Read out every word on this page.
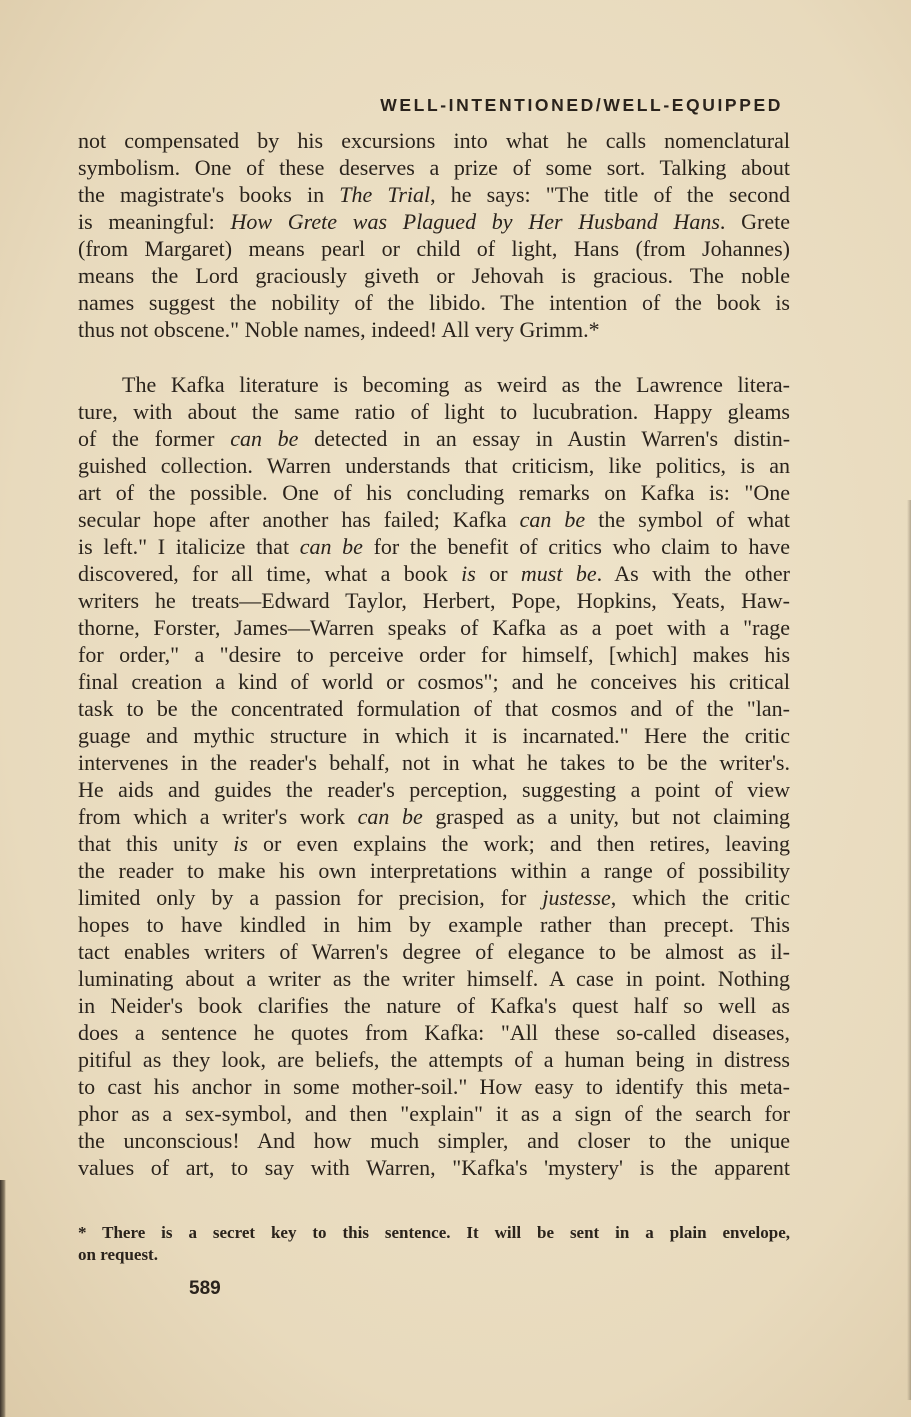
WELL-INTENTIONED/WELL-EQUIPPED
not compensated by his excursions into what he calls nomenclatural
symbolism. One of these deserves a prize of some sort. Talking about
the magistrate's books in The Trial, he says: "The title of the second
is meaningful: How Grete was Plagued by Her Husband Hans. Grete
(from Margaret) means pearl or child of light, Hans (from Johannes)
means the Lord graciously giveth or Jehovah is gracious. The noble
names suggest the nobility of the libido. The intention of the book is
thus not obscene." Noble names, indeed! All very Grimm.*
The Kafka literature is becoming as weird as the Lawrence litera-
ture, with about the same ratio of light to lucubration. Happy gleams
of the former can be detected in an essay in Austin Warren's distin-
guished collection. Warren understands that criticism, like politics, is an
art of the possible. One of his concluding remarks on Kafka is: "One
secular hope after another has failed; Kafka can be the symbol of what
is left." I italicize that can be for the benefit of critics who claim to have
discovered, for all time, what a book is or must be. As with the other
writers he treats—Edward Taylor, Herbert, Pope, Hopkins, Yeats, Haw-
thorne, Forster, James—Warren speaks of Kafka as a poet with a "rage
for order," a "desire to perceive order for himself, [which] makes his
final creation a kind of world or cosmos"; and he conceives his critical
task to be the concentrated formulation of that cosmos and of the "lan-
guage and mythic structure in which it is incarnated." Here the critic
intervenes in the reader's behalf, not in what he takes to be the writer's.
He aids and guides the reader's perception, suggesting a point of view
from which a writer's work can be grasped as a unity, but not claiming
that this unity is or even explains the work; and then retires, leaving
the reader to make his own interpretations within a range of possibility
limited only by a passion for precision, for justesse, which the critic
hopes to have kindled in him by example rather than precept. This
tact enables writers of Warren's degree of elegance to be almost as il-
luminating about a writer as the writer himself. A case in point. Nothing
in Neider's book clarifies the nature of Kafka's quest half so well as
does a sentence he quotes from Kafka: "All these so-called diseases,
pitiful as they look, are beliefs, the attempts of a human being in distress
to cast his anchor in some mother-soil." How easy to identify this meta-
phor as a sex-symbol, and then "explain" it as a sign of the search for
the unconscious! And how much simpler, and closer to the unique
values of art, to say with Warren, "Kafka's 'mystery' is the apparent
* There is a secret key to this sentence. It will be sent in a plain envelope,
on request.
589
